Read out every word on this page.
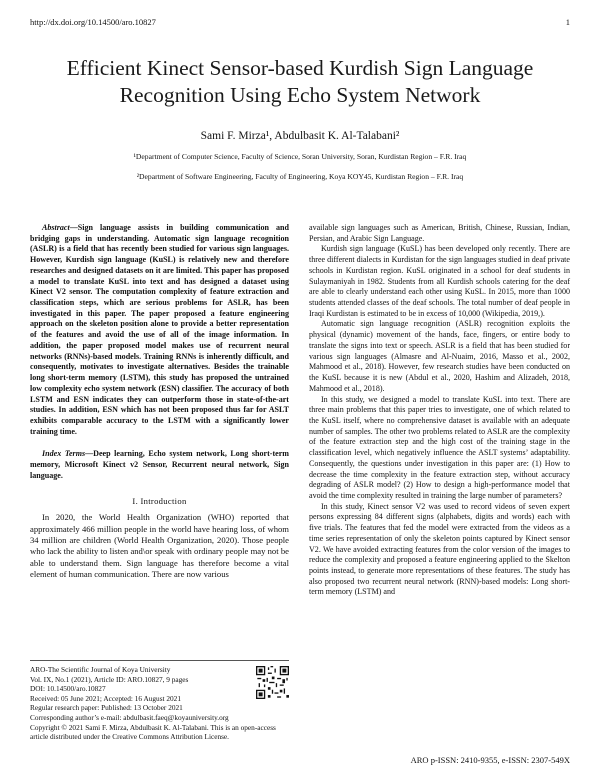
http://dx.doi.org/10.14500/aro.10827	1
Efficient Kinect Sensor-based Kurdish Sign Language Recognition Using Echo System Network
Sami F. Mirza¹, Abdulbasit K. Al-Talabani²
¹Department of Computer Science, Faculty of Science, Soran University, Soran, Kurdistan Region – F.R. Iraq
²Department of Software Engineering, Faculty of Engineering, Koya KOY45, Kurdistan Region – F.R. Iraq

Abstract—Sign language assists in building communication and bridging gaps in understanding. Automatic sign language recognition (ASLR) is a field that has recently been studied for various sign languages. However, Kurdish sign language (KuSL) is relatively new and therefore researches and designed datasets on it are limited. This paper has proposed a model to translate KuSL into text and has designed a dataset using Kinect V2 sensor. The computation complexity of feature extraction and classification steps, which are serious problems for ASLR, has been investigated in this paper. The paper proposed a feature engineering approach on the skeleton position alone to provide a better representation of the features and avoid the use of all of the image information. In addition, the paper proposed model makes use of recurrent neural networks (RNNs)-based models. Training RNNs is inherently difficult, and consequently, motivates to investigate alternatives. Besides the trainable long short-term memory (LSTM), this study has proposed the untrained low complexity echo system network (ESN) classifier. The accuracy of both LSTM and ESN indicates they can outperform those in state-of-the-art studies. In addition, ESN which has not been proposed thus far for ASLT exhibits comparable accuracy to the LSTM with a significantly lower training time.

Index Terms—Deep learning, Echo system network, Long short-term memory, Microsoft Kinect v2 Sensor, Recurrent neural network, Sign language.

I. Introduction

In 2020, the World Health Organization (WHO) reported that approximately 466 million people in the world have hearing loss, of whom 34 million are children (World Health Organization, 2020). Those people who lack the ability to listen and\or speak with ordinary people may not be able to understand them. Sign language has therefore become a vital element of human communication. There are now various

available sign languages such as American, British, Chinese, Russian, Indian, Persian, and Arabic Sign Language.

Kurdish sign language (KuSL) has been developed only recently. There are three different dialects in Kurdistan for the sign languages studied in deaf private schools in Kurdistan region. KuSL originated in a school for deaf students in Sulaymaniyah in 1982. Students from all Kurdish schools catering for the deaf are able to clearly understand each other using KuSL. In 2015, more than 1000 students attended classes of the deaf schools. The total number of deaf people in Iraqi Kurdistan is estimated to be in excess of 10,000 (Wikipedia, 2019,).

Automatic sign language recognition (ASLR) recognition exploits the physical (dynamic) movement of the hands, face, fingers, or entire body to translate the signs into text or speech. ASLR is a field that has been studied for various sign languages (Almasre and Al-Nuaim, 2016, Masso et al., 2002, Mahmood et al., 2018). However, few research studies have been conducted on the KuSL because it is new (Abdul et al., 2020, Hashim and Alizadeh, 2018, Mahmood et al., 2018).

In this study, we designed a model to translate KuSL into text. There are three main problems that this paper tries to investigate, one of which related to the KuSL itself, where no comprehensive dataset is available with an adequate number of samples. The other two problems related to ASLR are the complexity of the feature extraction step and the high cost of the training stage in the classification level, which negatively influence the ASLT systems’ adaptability. Consequently, the questions under investigation in this paper are: (1) How to decrease the time complexity in the feature extraction step, without accuracy degrading of ASLR model? (2) How to design a high-performance model that avoid the time complexity resulted in training the large number of parameters?

In this study, Kinect sensor V2 was used to record videos of seven expert persons expressing 84 different signs (alphabets, digits and words) each with five trials. The features that fed the model were extracted from the videos as a time series representation of only the skeleton points captured by Kinect sensor V2. We have avoided extracting features from the color version of the images to reduce the complexity and proposed a feature engineering applied to the Skelton points instead, to generate more representations of these features. The study has also proposed two recurrent neural network (RNN)-based models: Long short-term memory (LSTM) and

ARO-The Scientific Journal of Koya University
Vol. IX, No.1 (2021), Article ID: ARO.10827, 9 pages
DOI: 10.14500/aro.10827
Received: 05 June 2021; Accepted: 16 August 2021
Regular research paper: Published: 13 October 2021
Corresponding author’s e-mail: abdulbasit.faeq@koyauniversity.org
Copyright © 2021 Sami F. Mirza, Abdulbasit K. Al-Talabani. This is an open-access article distributed under the Creative Commons Attribution License.
ARO p-ISSN: 2410-9355, e-ISSN: 2307-549X
